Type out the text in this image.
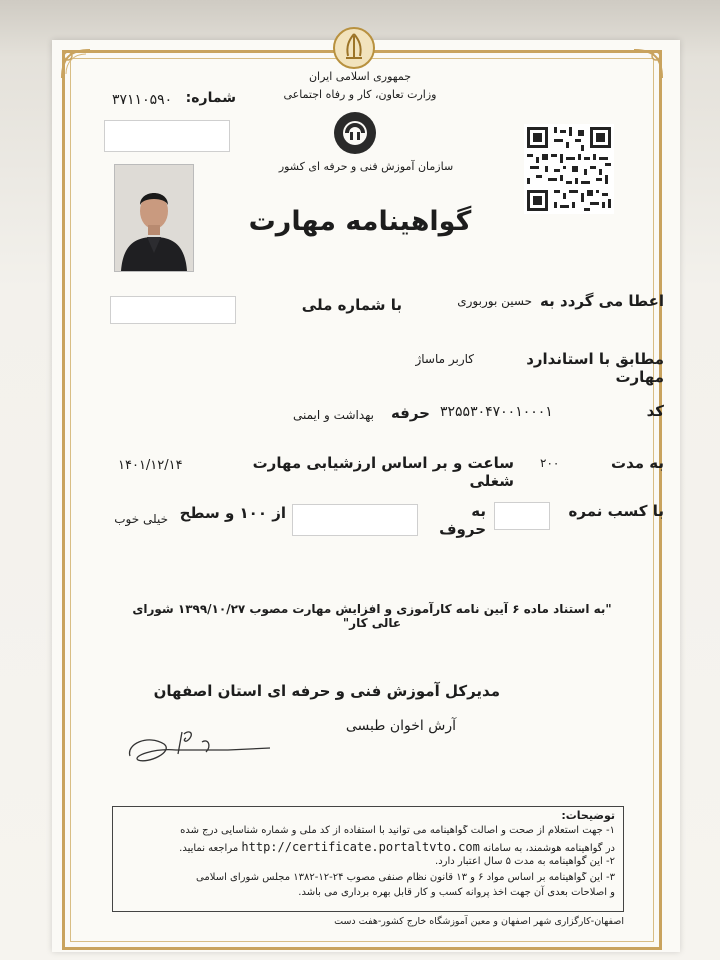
جمهوری اسلامی ایران
وزارت تعاون، کار و رفاه اجتماعی
شماره:
۳۷۱۱۰۵۹۰
سازمان آموزش فنی و حرفه ای کشور
گواهینامه مهارت
اعطا می گردد به
حسین بوربوری
با شماره ملی
مطابق با استاندارد مهارت
کاربر ماساژ
کد
۳۲۵۵۳۰۴۷۰۰۱۰۰۰۱
حرفه
بهداشت و ایمنی
به مدت
۲۰۰
ساعت و بر اساس ارزشیابی مهارت شغلی
۱۴۰۱/۱۲/۱۴
با کسب نمره
به حروف
از ۱۰۰ و سطح
خیلی خوب
"به استناد ماده ۶ آیین نامه کارآموزی و افزایش مهارت مصوب ۱۳۹۹/۱۰/۲۷ شورای عالی کار"
مدیرکل آموزش فنی و حرفه ای استان اصفهان
آرش اخوان طبسی
توضیحات:
۱- جهت استعلام از صحت و اصالت گواهینامه می توانید با استفاده از کد ملی و شماره شناسایی درج شده
در گواهینامه هوشمند، به سامانه http://certificate.portaltvto.com مراجعه نمایید.
۲- این گواهینامه به مدت ۵ سال اعتبار دارد.
۳- این گواهینامه بر اساس مواد ۶ و ۱۳ قانون نظام صنفی مصوب ۲۴-۱۲-۱۳۸۲ مجلس شورای اسلامی
و اصلاحات بعدی آن جهت اخذ پروانه کسب و کار قابل بهره برداری می باشد.
اصفهان-کارگزاری شهر اصفهان و معین آموزشگاه خارج کشور-هفت دست
